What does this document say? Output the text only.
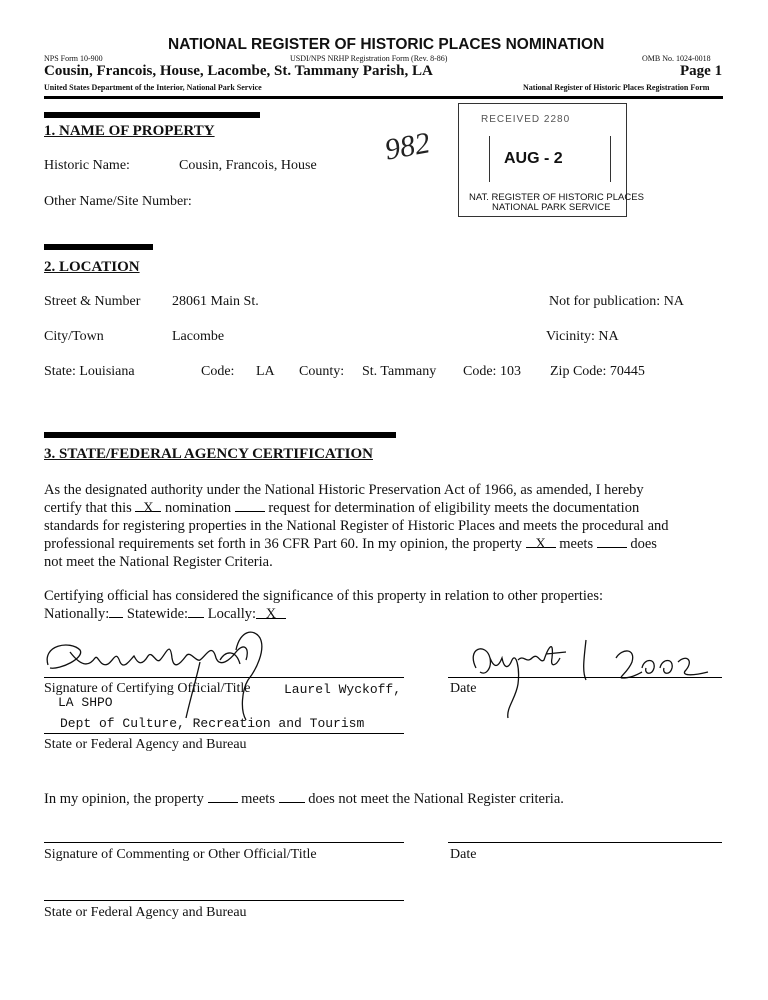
NATIONAL REGISTER OF HISTORIC PLACES NOMINATION
NPS Form 10-900	USDI/NPS NRHP Registration Form (Rev. 8-86)	OMB No. 1024-0018
Cousin, Francois, House, Lacombe, St. Tammany Parish, LA	Page 1
United States Department of the Interior, National Park Service	National Register of Historic Places Registration Form
RECEIVED 2280
AUG - 2
NAT. REGISTER OF HISTORIC PLACES
NATIONAL PARK SERVICE
982
1. NAME OF PROPERTY
Historic Name:	Cousin, Francois, House
Other Name/Site Number:
2. LOCATION
Street & Number 28061 Main St.	Not for publication: NA
City/Town	Lacombe	Vicinity: NA
State: Louisiana	Code: LA County: St. Tammany Code: 103 Zip Code: 70445
3. STATE/FEDERAL AGENCY CERTIFICATION
As the designated authority under the National Historic Preservation Act of 1966, as amended, I hereby
certify that this X nomination  request for determination of eligibility meets the documentation
standards for registering properties in the National Register of Historic Places and meets the procedural and
professional requirements set forth in 36 CFR Part 60. In my opinion, the property X meets  does
not meet the National Register Criteria.
Certifying official has considered the significance of this property in relation to other properties:
Nationally: Statewide: Locally: X
Signature of Certifying Official/Title	Laurel Wyckoff,
LA SHPO
Dept of Culture, Recreation and Tourism
State or Federal Agency and Bureau
Date
In my opinion, the property  meets  does not meet the National Register criteria.
Signature of Commenting or Other Official/Title	Date
State or Federal Agency and Bureau
